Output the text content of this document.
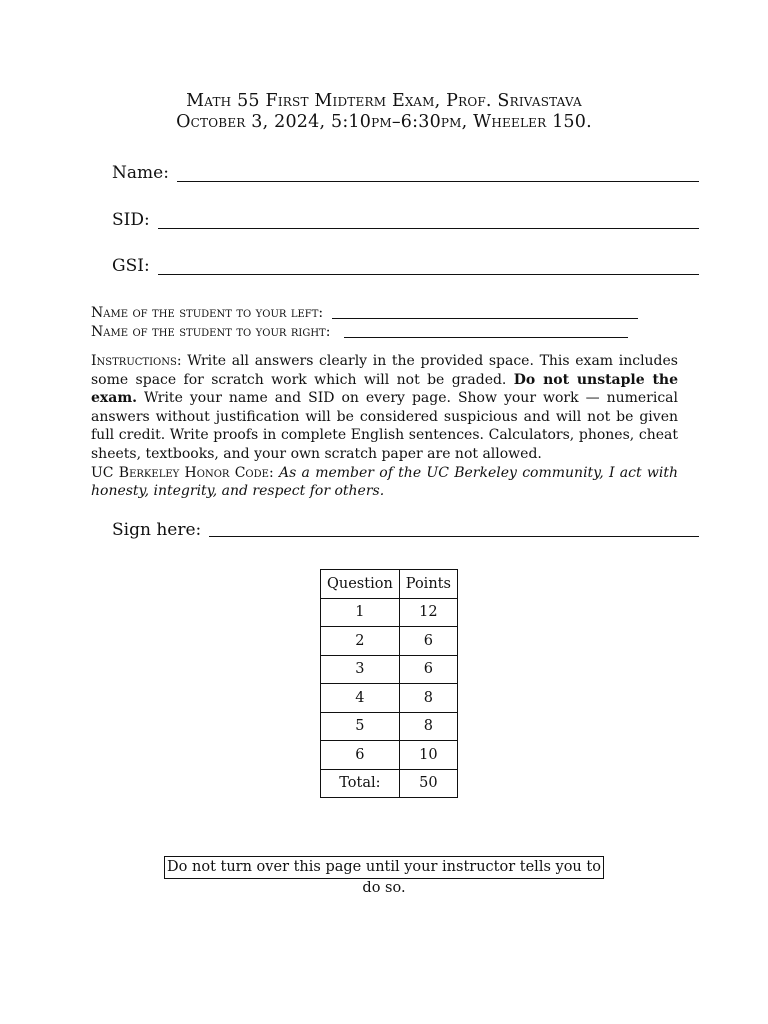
Math 55 First Midterm Exam, Prof. Srivastava
October 3, 2024, 5:10pm–6:30pm, Wheeler 150.
Name:
SID:
GSI:
Name of the student to your left:
Name of the student to your right:
Instructions: Write all answers clearly in the provided space. This exam includes some space for scratch work which will not be graded. Do not unstaple the exam. Write your name and SID on every page. Show your work — numerical answers without justification will be considered suspicious and will not be given full credit. Write proofs in complete English sentences. Calculators, phones, cheat sheets, textbooks, and your own scratch paper are not allowed.
UC Berkeley Honor Code: As a member of the UC Berkeley community, I act with honesty, integrity, and respect for others.
Sign here:
Question	Points
1	12
2	6
3	6
4	8
5	8
6	10
Total:	50
Do not turn over this page until your instructor tells you to do so.
